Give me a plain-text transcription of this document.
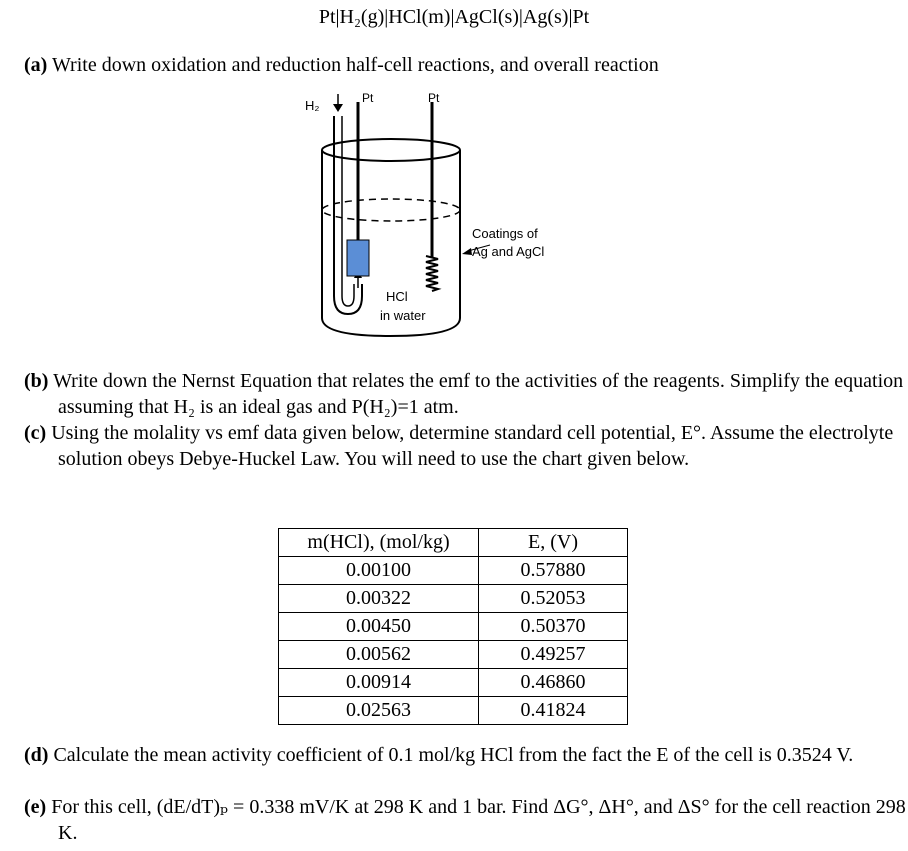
Pt|H₂(g)|HCl(m)|AgCl(s)|Ag(s)|Pt
(a) Write down oxidation and reduction half-cell reactions, and overall reaction
H₂	Pt	Pt
Coatings of
Ag and AgCl
HCl
in water
(b) Write down the Nernst Equation that relates the emf to the activities of the reagents. Simplify the equation assuming that H₂ is an ideal gas and P(H₂)=1 atm.
(c) Using the molality vs emf data given below, determine standard cell potential, E°. Assume the electrolyte solution obeys Debye-Huckel Law. You will need to use the chart given below.
m(HCl), (mol/kg)	E, (V)
0.00100	0.57880
0.00322	0.52053
0.00450	0.50370
0.00562	0.49257
0.00914	0.46860
0.02563	0.41824
(d) Calculate the mean activity coefficient of 0.1 mol/kg HCl from the fact the E of the cell is 0.3524 V.
(e) For this cell, (dE/dT)ₚ = 0.338 mV/K at 298 K and 1 bar. Find ΔG°, ΔH°, and ΔS° for the cell reaction 298 K.
